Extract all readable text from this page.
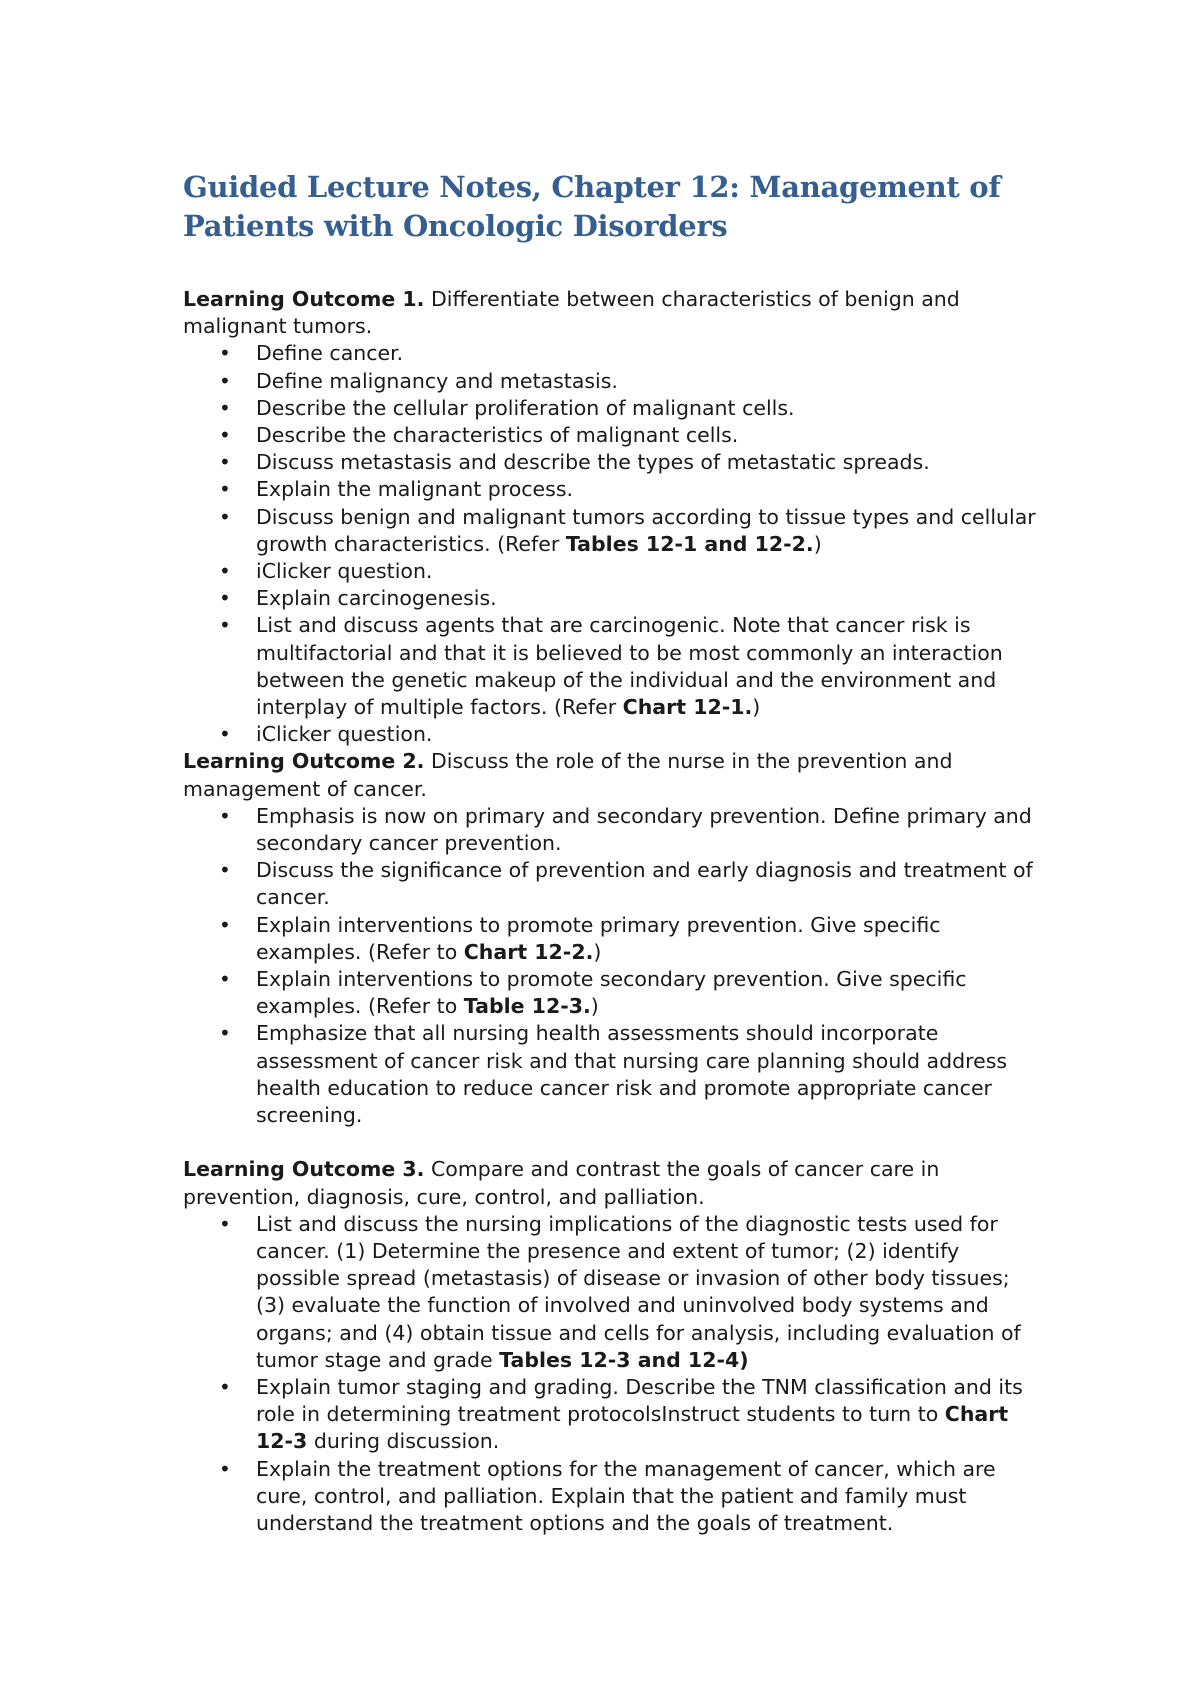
Guided Lecture Notes, Chapter 12: Management of Patients with Oncologic Disorders

Learning Outcome 1. Differentiate between characteristics of benign and malignant tumors.

• Define cancer.
• Define malignancy and metastasis.
• Describe the cellular proliferation of malignant cells.
• Describe the characteristics of malignant cells.
• Discuss metastasis and describe the types of metastatic spreads.
• Explain the malignant process.
• Discuss benign and malignant tumors according to tissue types and cellular growth characteristics. (Refer Tables 12-1 and 12-2.)
• iClicker question.
• Explain carcinogenesis.
• List and discuss agents that are carcinogenic. Note that cancer risk is multifactorial and that it is believed to be most commonly an interaction between the genetic makeup of the individual and the environment and interplay of multiple factors. (Refer Chart 12-1.)
• iClicker question.

Learning Outcome 2. Discuss the role of the nurse in the prevention and management of cancer.

• Emphasis is now on primary and secondary prevention. Define primary and secondary cancer prevention.
• Discuss the significance of prevention and early diagnosis and treatment of cancer.
• Explain interventions to promote primary prevention. Give specific examples. (Refer to Chart 12-2.)
• Explain interventions to promote secondary prevention. Give specific examples. (Refer to Table 12-3.)
• Emphasize that all nursing health assessments should incorporate assessment of cancer risk and that nursing care planning should address health education to reduce cancer risk and promote appropriate cancer screening.

Learning Outcome 3. Compare and contrast the goals of cancer care in prevention, diagnosis, cure, control, and palliation.

• List and discuss the nursing implications of the diagnostic tests used for cancer. (1) Determine the presence and extent of tumor; (2) identify possible spread (metastasis) of disease or invasion of other body tissues; (3) evaluate the function of involved and uninvolved body systems and organs; and (4) obtain tissue and cells for analysis, including evaluation of tumor stage and grade Tables 12-3 and 12-4)
• Explain tumor staging and grading. Describe the TNM classification and its role in determining treatment protocolsInstruct students to turn to Chart 12-3 during discussion.
• Explain the treatment options for the management of cancer, which are cure, control, and palliation. Explain that the patient and family must understand the treatment options and the goals of treatment.
